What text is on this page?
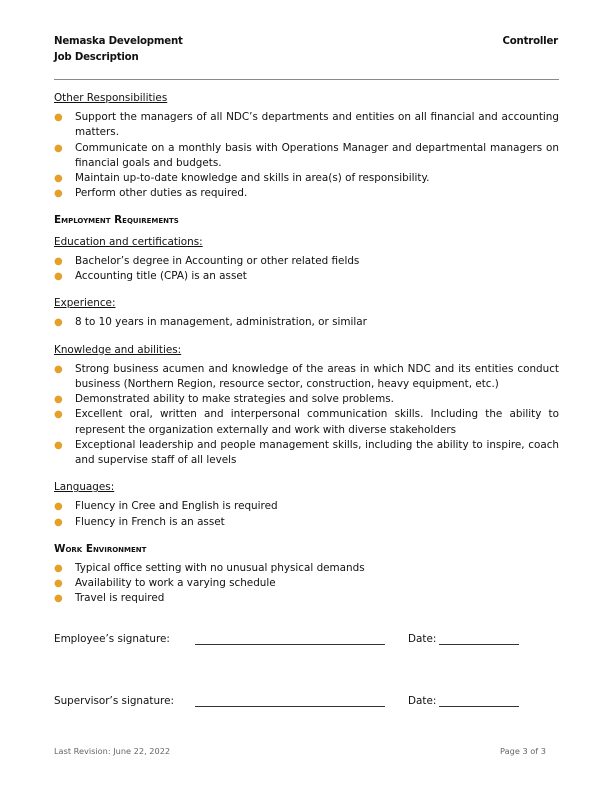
Nemaska Development
Job Description
Controller

Other Responsibilities

● Support the managers of all NDC’s departments and entities on all financial and accounting matters.
● Communicate on a monthly basis with Operations Manager and departmental managers on financial goals and budgets.
● Maintain up-to-date knowledge and skills in area(s) of responsibility.
● Perform other duties as required.

Employment Requirements

Education and certifications:

● Bachelor’s degree in Accounting or other related fields
● Accounting title (CPA) is an asset

Experience:

● 8 to 10 years in management, administration, or similar

Knowledge and abilities:

● Strong business acumen and knowledge of the areas in which NDC and its entities conduct business (Northern Region, resource sector, construction, heavy equipment, etc.)
● Demonstrated ability to make strategies and solve problems.
● Excellent oral, written and interpersonal communication skills. Including the ability to represent the organization externally and work with diverse stakeholders
● Exceptional leadership and people management skills, including the ability to inspire, coach and supervise staff of all levels

Languages:

● Fluency in Cree and English is required
● Fluency in French is an asset

Work Environment

● Typical office setting with no unusual physical demands
● Availability to work a varying schedule
● Travel is required
Employee’s signature:	Date:
Supervisor’s signature:	Date:
Last Revision: June 22, 2022	Page 3 of 3
